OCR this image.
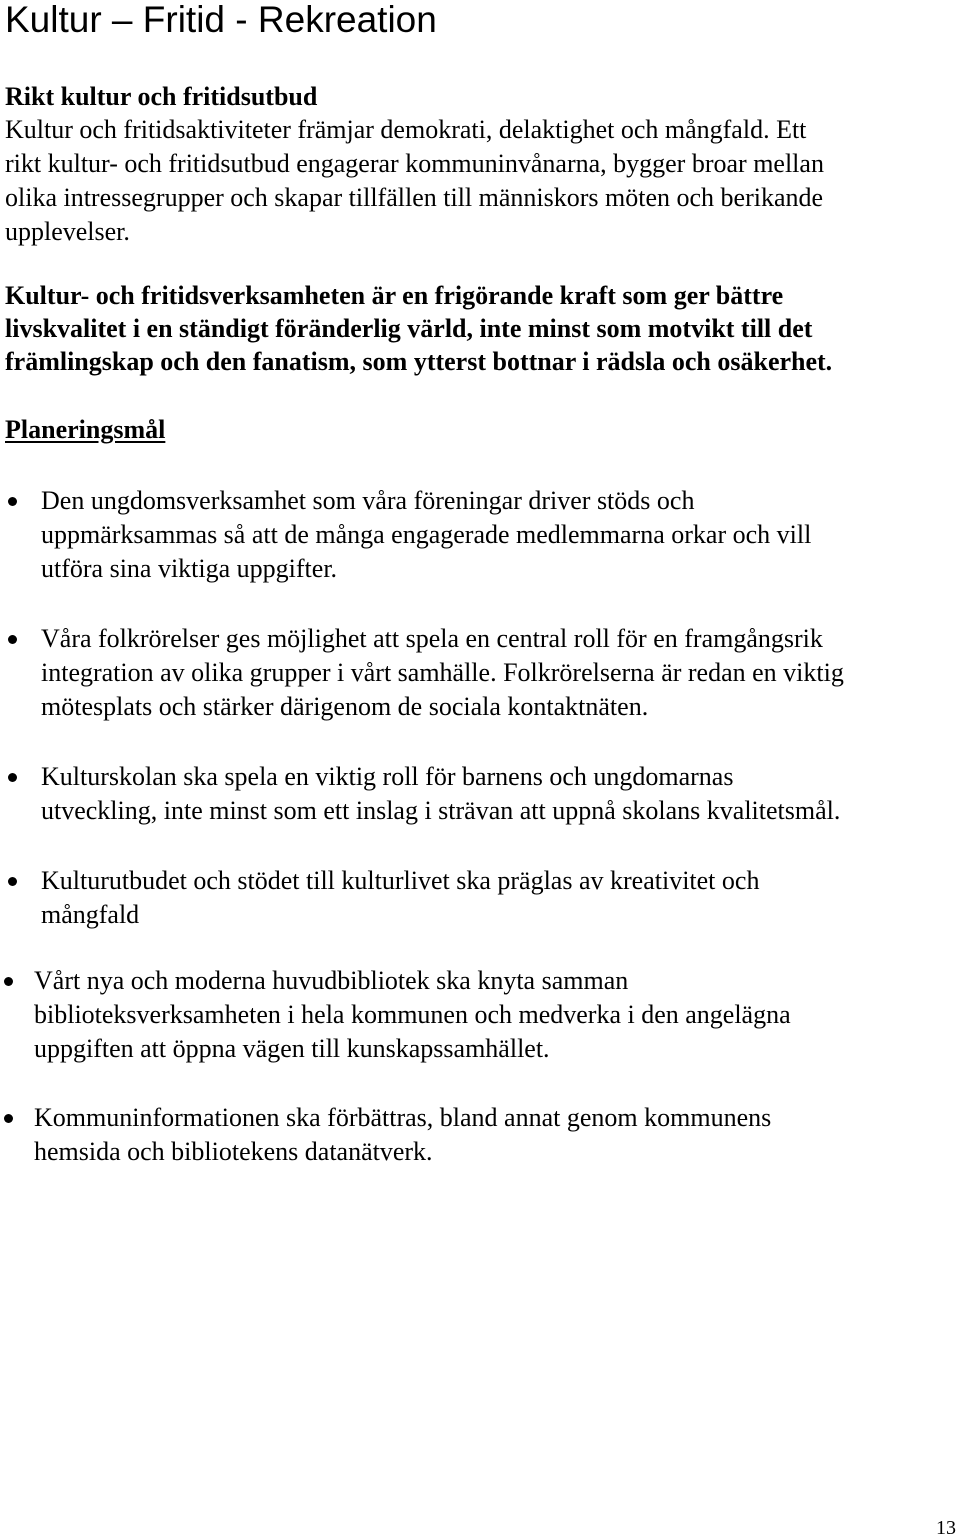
Kultur – Fritid - Rekreation
Rikt kultur och fritidsutbud

Kultur och fritidsaktiviteter främjar demokrati, delaktighet och mångfald. Ett
rikt kultur- och fritidsutbud engagerar kommuninvånarna, bygger broar mellan
olika intressegrupper och skapar tillfällen till människors möten och berikande
upplevelser.

Kultur- och fritidsverksamheten är en frigörande kraft som ger bättre
livskvalitet i en ständigt föränderlig värld, inte minst som motvikt till det
främlingskap och den fanatism, som ytterst bottnar i rädsla och osäkerhet.

Planeringsmål
Den ungdomsverksamhet som våra föreningar driver stöds och
uppmärksammas så att de många engagerade medlemmarna orkar och vill
utföra sina viktiga uppgifter.
Våra folkrörelser ges möjlighet att spela en central roll för en framgångsrik
integration av olika grupper i vårt samhälle. Folkrörelserna är redan en viktig
mötesplats och stärker därigenom de sociala kontaktnäten.
Kulturskolan ska spela en viktig roll för barnens och ungdomarnas
utveckling, inte minst som ett inslag i strävan att uppnå skolans kvalitetsmål.
Kulturutbudet och stödet till kulturlivet ska präglas av kreativitet och
mångfald
Vårt nya och moderna huvudbibliotek ska knyta samman
biblioteksverksamheten i hela kommunen och medverka i den angelägna
uppgiften att öppna vägen till kunskapssamhället.
Kommuninformationen ska förbättras, bland annat genom kommunens
hemsida och bibliotekens datanätverk.
13
